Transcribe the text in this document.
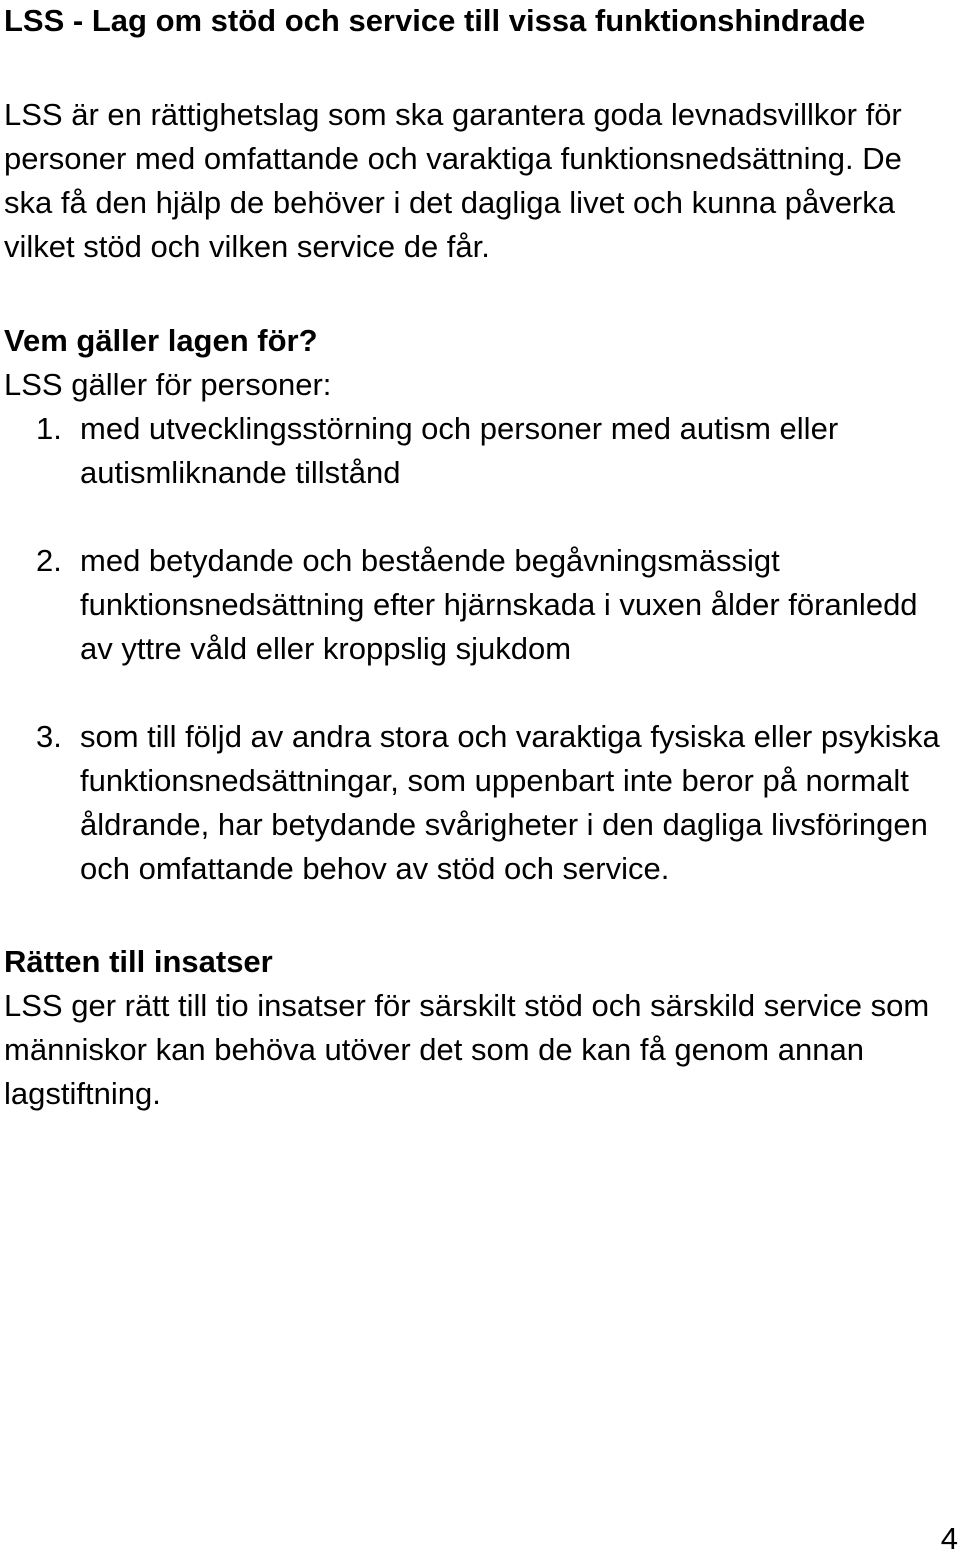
LSS - Lag om stöd och service till vissa funktionshindrade

LSS är en rättighetslag som ska garantera goda levnadsvillkor för personer med omfattande och varaktiga funktionsnedsättning. De ska få den hjälp de behöver i det dagliga livet och kunna påverka vilket stöd och vilken service de får.

Vem gäller lagen för?

LSS gäller för personer:

1. med utvecklingsstörning och personer med autism eller autismliknande tillstånd
2. med betydande och bestående begåvningsmässigt funktionsnedsättning efter hjärnskada i vuxen ålder föranledd av yttre våld eller kroppslig sjukdom
3. som till följd av andra stora och varaktiga fysiska eller psykiska funktionsnedsättningar, som uppenbart inte beror på normalt åldrande, har betydande svårigheter i den dagliga livsföringen och omfattande behov av stöd och service.
Rätten till insatser

LSS ger rätt till tio insatser för särskilt stöd och särskild service som människor kan behöva utöver det som de kan få genom annan lagstiftning.

4
